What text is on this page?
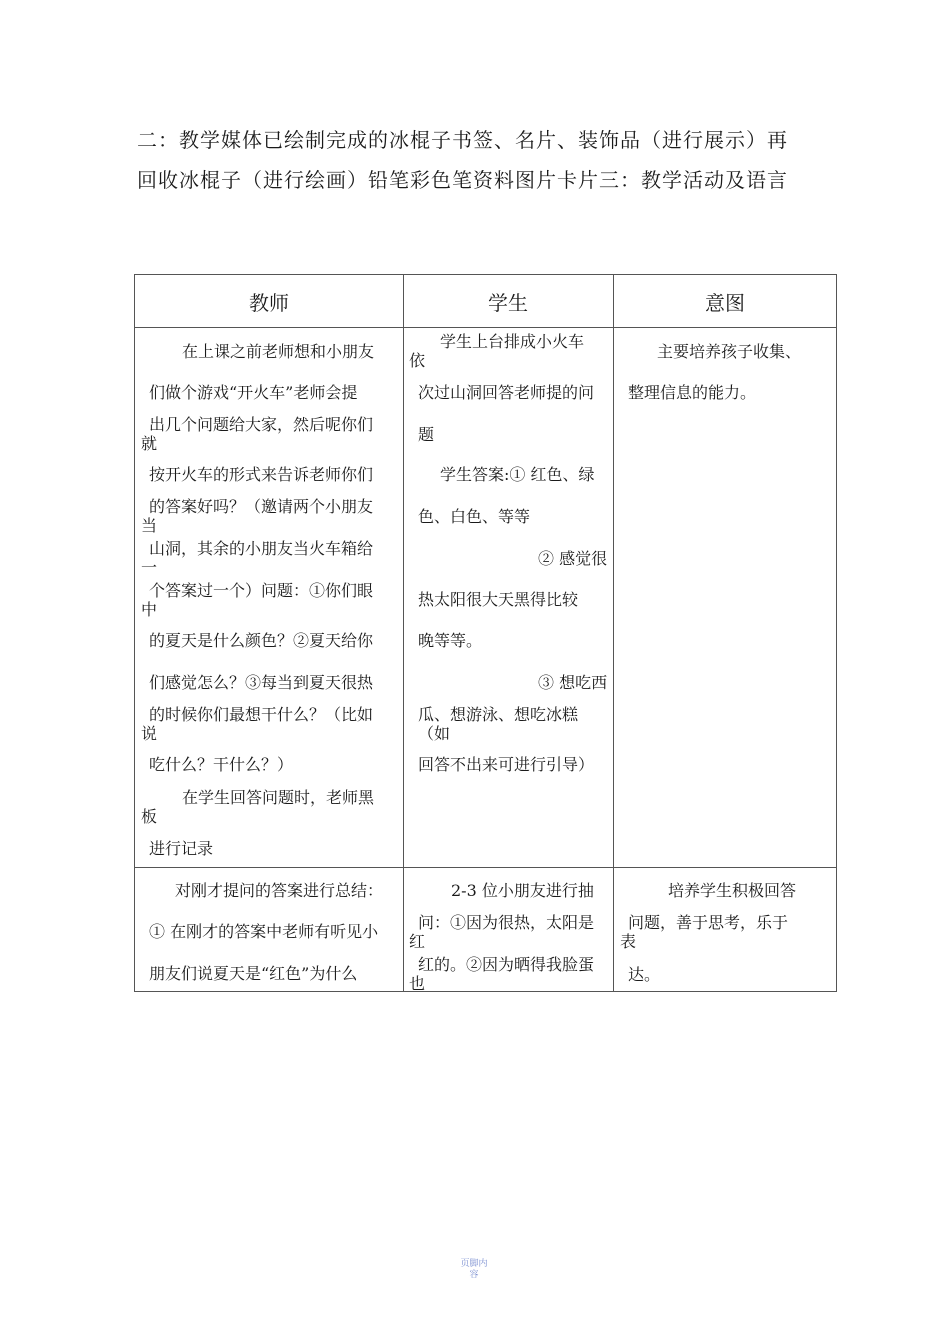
二：教学媒体已绘制完成的冰棍子书签、名片、装饰品（进行展示）再

回收冰棍子（进行绘画）铅笔彩色笔资料图片卡片三：教学活动及语言

教师	学生	意图
在上课之前老师想和小朋友
们做个游戏“开火车”老师会提
出几个问题给大家，然后呢你们
就
按开火车的形式来告诉老师你们
的答案好吗？（邀请两个小朋友
当
山洞，其余的小朋友当火车箱给
一
个答案过一个）问题：①你们眼
中
的夏天是什么颜色？②夏天给你
们感觉怎么？③每当到夏天很热
的时候你们最想干什么？（比如
说
吃什么？干什么？）
在学生回答问题时，老师黑
板
进行记录
学生上台排成小火车
依
次过山洞回答老师提的问
题
学生答案:① 红色、绿
色、白色、等等
② 感觉很
热太阳很大天黑得比较
晚等等。
③ 想吃西
瓜、想游泳、想吃冰糕
（如
回答不出来可进行引导）
主要培养孩子收集、
整理信息的能力。
对刚才提问的答案进行总结：
① 在刚才的答案中老师有听见小
朋友们说夏天是“红色”为什么
2-3 位小朋友进行抽
问：①因为很热，太阳是
红
红的。②因为晒得我脸蛋
也
培养学生积极回答
问题，善于思考，乐于
表
达。
页脚内
容
